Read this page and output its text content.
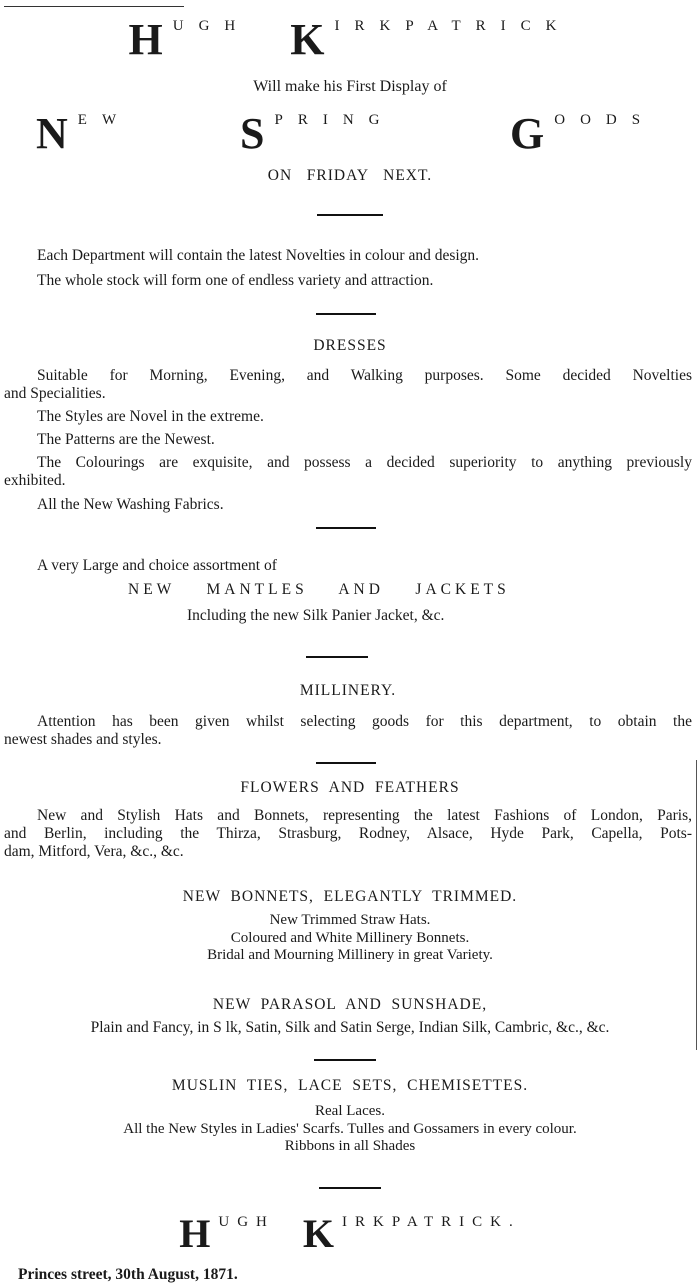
H UGH K IRKPATRICK
Will make his First Display of
N EW S PRING	G OODS
ON   FRIDAY   NEXT.
Each Department will contain the latest Novelties in colour and design.
The whole stock will form one of endless variety and attraction.
DRESSES
Suitable for Morning, Evening, and Walking purposes. Some decided Novelties
and Specialities.
The Styles are Novel in the extreme.
The Patterns are the Newest.
The Colourings are exquisite, and possess a decided superiority to anything previously
exhibited.
All the New Washing Fabrics.
A very Large and choice assortment of
NEW    MANTLES    AND    JACKETS
Including the new Silk Panier Jacket, &c.
MILLINERY.
Attention has been given whilst selecting goods for this department, to obtain the
newest shades and styles.
FLOWERS  AND  FEATHERS
New and Stylish Hats and Bonnets, representing the latest Fashions of London, Paris,
and Berlin, including the Thirza, Strasburg, Rodney, Alsace, Hyde Park, Capella, Pots-
dam, Mitford, Vera, &c., &c.
NEW  BONNETS,  ELEGANTLY  TRIMMED.
New Trimmed Straw Hats.
Coloured and White Millinery Bonnets.
Bridal and Mourning Millinery in great Variety.
NEW  PARASOL  AND  SUNSHADE,
Plain and Fancy, in S lk, Satin, Silk and Satin Serge, Indian Silk, Cambric, &c., &c.
MUSLIN  TIES,  LACE  SETS,  CHEMISETTES.
Real Laces.
All the New Styles in Ladies' Scarfs. Tulles and Gossamers in every colour.
Ribbons in all Shades
H UGH K IRKPATRICK.
Princes street, 30th August, 1871.
